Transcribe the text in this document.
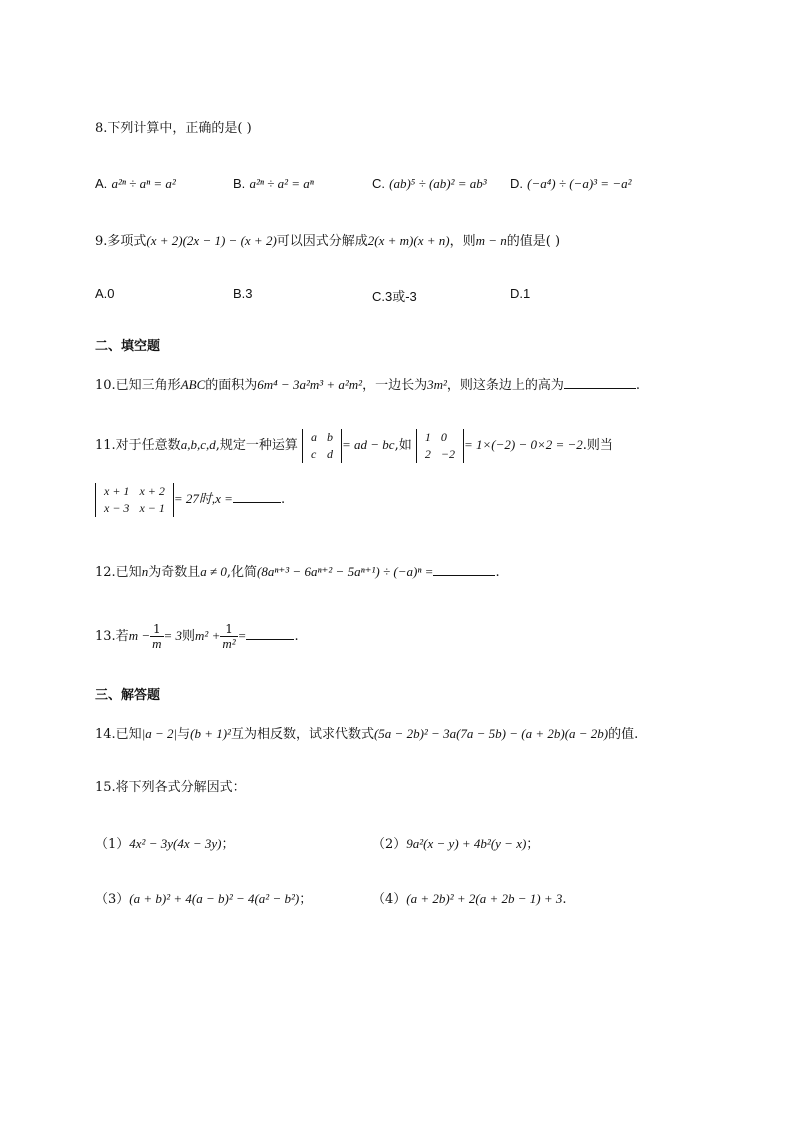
8.下列计算中，正确的是( )
A. a²ⁿ ÷ aⁿ = a²	B. a²ⁿ ÷ a² = aⁿ	C. (ab)⁵ ÷ (ab)² = ab³ D. (−a⁴) ÷ (−a)³ = −a²
9.多项式(x + 2)(2x − 1) − (x + 2)可以因式分解成2(x + m)(x + n)，则m − n的值是( )
A.0	B.3	C.3或-3	D.1
二、填空题
10.已知三角形ABC的面积为6m⁴ − 3a²m³ + a²m²，一边长为3m²，则这条边上的高为	.
11.对于任意数a,b,c,d,规定一种运算
a	b
c	d
= ad − bc,如
1	0
2	−2
= 1×(−2) − 0×2 = −2.则当
x + 1	x + 2
x − 3	x − 1
= 27时,x =	.
12.已知n为奇数且a ≠ 0,化简(8aⁿ⁺³ − 6aⁿ⁺² − 5aⁿ⁺¹) ÷ (−a)ⁿ =	.
13.若$m - \frac{1}{m} = 3$则$m^2 + \frac{1}{\text{m²}}$ =	.
三、解答题
14.已知|a − 2|与(b + 1)²互为相反数，试求代数式(5a − 2b)² − 3a(7a − 5b) − (a + 2b)(a − 2b)的值.
15.将下列各式分解因式：
（1）4x² − 3y(4x − 3y)；	（2）9a²(x − y) + 4b²(y − x)；
（3）(a + b)² + 4(a − b)² − 4(a² − b²)；	（4）(a + 2b)² + 2(a + 2b − 1) + 3.
